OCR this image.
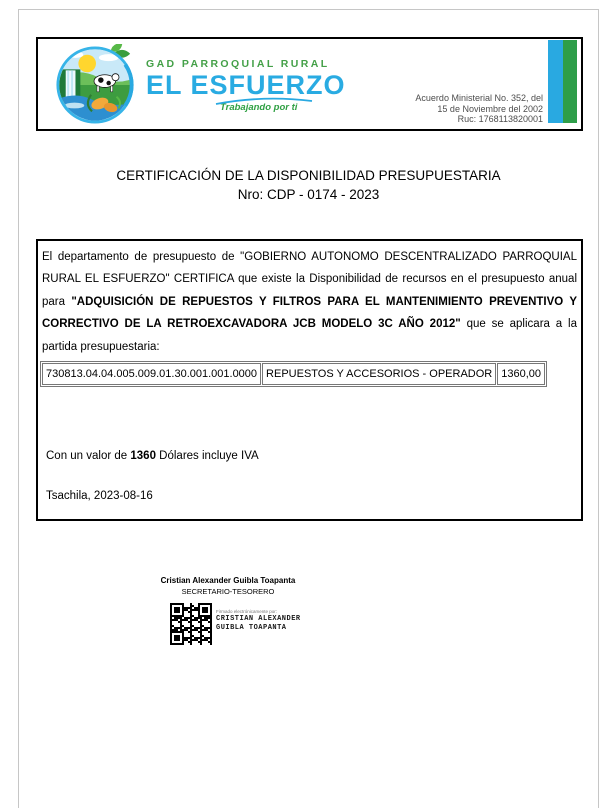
GAD PARROQUIAL RURAL
EL ESFUERZO
Trabajando por ti
Acuerdo Ministerial No. 352, del
15 de Noviembre del 2002
Ruc: 1768113820001
CERTIFICACIÓN DE LA DISPONIBILIDAD PRESUPUESTARIA
Nro: CDP - 0174 - 2023

El departamento de presupuesto de "GOBIERNO AUTONOMO DESCENTRALIZADO PARROQUIAL RURAL EL ESFUERZO" CERTIFICA que existe la Disponibilidad de recursos en el presupuesto anual para "ADQUISICIÓN DE REPUESTOS Y FILTROS PARA EL MANTENIMIENTO PREVENTIVO Y CORRECTIVO DE LA RETROEXCAVADORA JCB MODELO 3C AÑO 2012" que se aplicara a la partida presupuestaria:

730813.04.04.005.009.01.30.001.001.0000	REPUESTOS Y ACCESORIOS - OPERADOR	1360,00
Con un valor de 1360 Dólares incluye IVA
Tsachila, 2023-08-16
Cristian Alexander Guibla Toapanta
SECRETARIO-TESORERO
Firmado electrónicamente por:
CRISTIAN ALEXANDER
GUIBLA TOAPANTA
